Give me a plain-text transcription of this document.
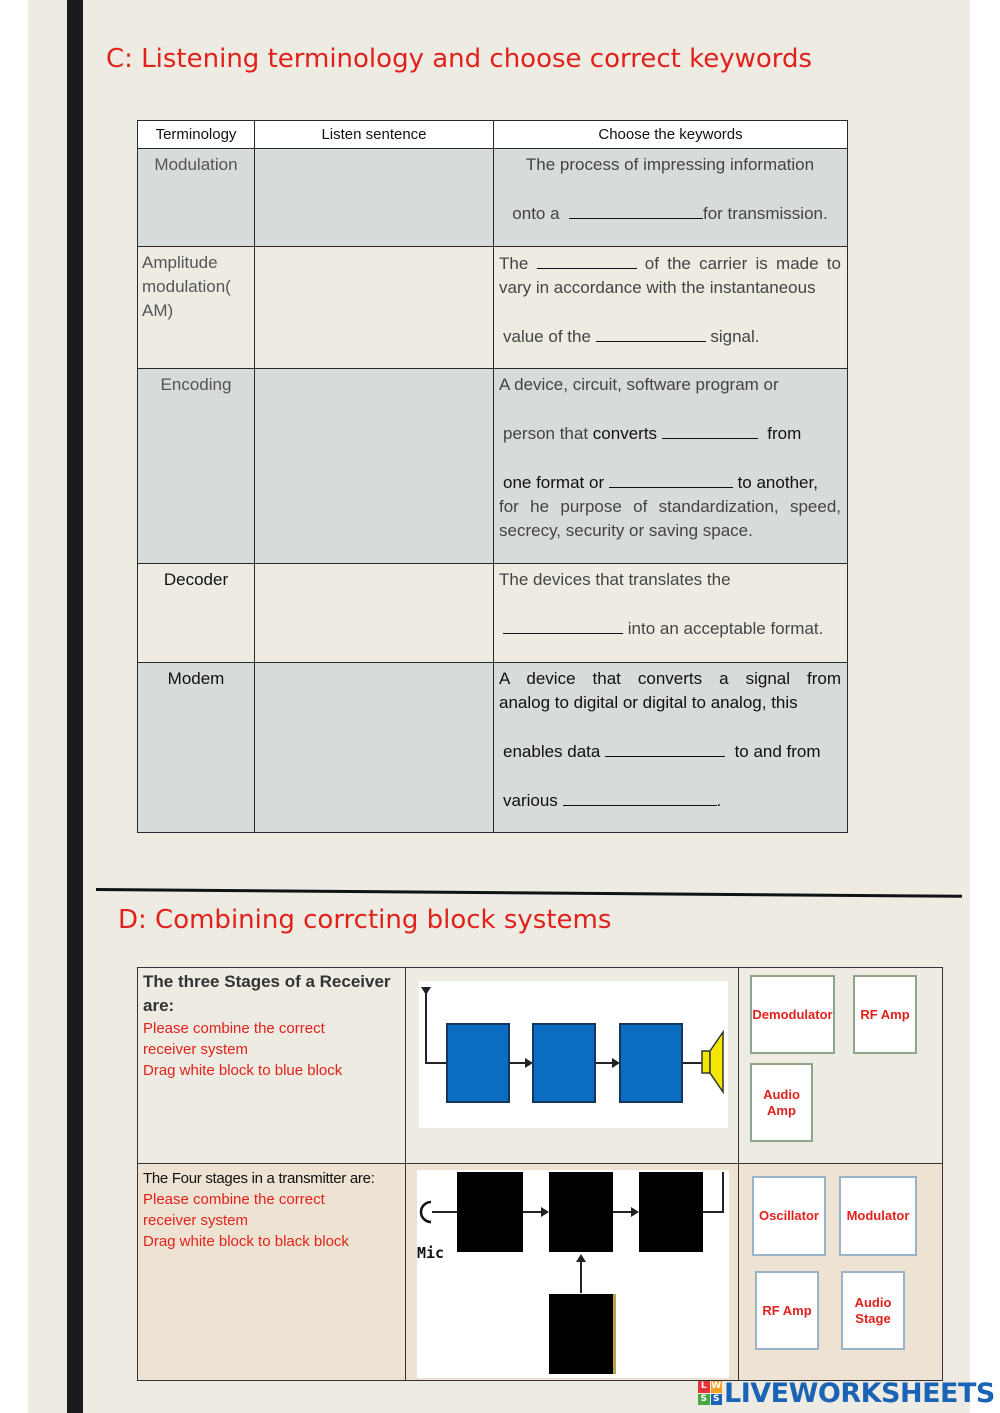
C: Listening terminology and choose correct keywords
Terminology	Listen sentence	Choose the keywords
Modulation		The process of impressing information

onto a for transmission.

Amplitude modulation( AM)		The of the carrier is made to

vary in accordance with the instantaneous

value of the signal.

Encoding		A device, circuit, software program or

person that converts from

one format or to another,

for he purpose of standardization, speed,

secrecy, security or saving space.

Decoder		The devices that translates the

into an acceptable format.

Modem		A device that converts a signal from

analog to digital or digital to analog, this

enables data to and from

various .

D: Combining corrcting block systems
The three Stages of a Receiver are:
Please combine the correct
receiver system
Drag white block to blue block
Demodulator	RF Amp
Audio Amp
The Four stages in a transmitter are:
Please combine the correct
receiver system
Drag white block to black block
Mic
Oscillator	Modulator
RF Amp
Audio Stage
L W
S S LIVEWORKSHEETS
